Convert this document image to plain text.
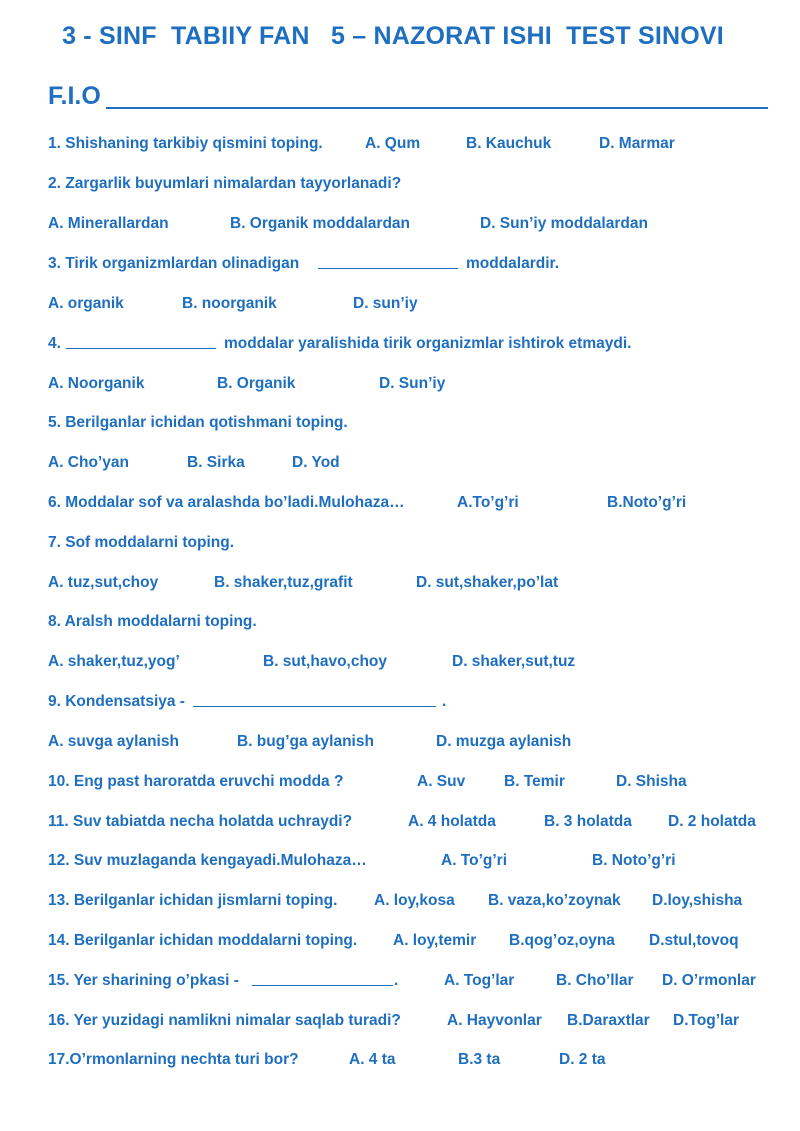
3 - SINF  TABIIY FAN   5 – NAZORAT ISHI  TEST SINOVI
F.I.O
1. Shishaning tarkibiy qismini toping.	A. Qum	B. Kauchuk	D. Marmar
2. Zargarlik buyumlari nimalardan tayyorlanadi?
A. Minerallardan	B. Organik moddalardan	D. Sun’iy moddalardan
3. Tirik organizmlardan olinadigan	moddalardir.
A. organik	B. noorganik	D. sun’iy
4.	moddalar yaralishida tirik organizmlar ishtirok etmaydi.
A. Noorganik	B. Organik	D. Sun’iy
5. Berilganlar ichidan qotishmani toping.
A. Cho’yan	B. Sirka	D. Yod
6. Moddalar sof va aralashda bo’ladi.Mulohaza…	A.To’g’ri	B.Noto’g’ri
7. Sof moddalarni toping.
A. tuz,sut,choy	B. shaker,tuz,grafit	D. sut,shaker,po’lat
8. Aralsh moddalarni toping.
A. shaker,tuz,yog’	B. sut,havo,choy	D. shaker,sut,tuz
9. Kondensatsiya -	.
A. suvga aylanish	B. bug’ga aylanish	D. muzga aylanish
10. Eng past haroratda eruvchi modda ?	A. Suv	B. Temir	D. Shisha
11. Suv tabiatda necha holatda uchraydi?	A. 4 holatda	B. 3 holatda D. 2 holatda
12. Suv muzlaganda kengayadi.Mulohaza…	A. To’g’ri	B. Noto’g’ri
13. Berilganlar ichidan jismlarni toping. A. loy,kosa B. vaza,ko’zoynak D.loy,shisha
14. Berilganlar ichidan moddalarni toping. A. loy,temir B.qog’oz,oyna D.stul,tovoq
15. Yer sharining o’pkasi -	.	A. Tog’lar	B. Cho’llar D. O’rmonlar
16. Yer yuzidagi namlikni nimalar saqlab turadi?	A. Hayvonlar B.Daraxtlar D.Tog’lar
17.O’rmonlarning nechta turi bor?	A. 4 ta	B.3 ta	D. 2 ta
